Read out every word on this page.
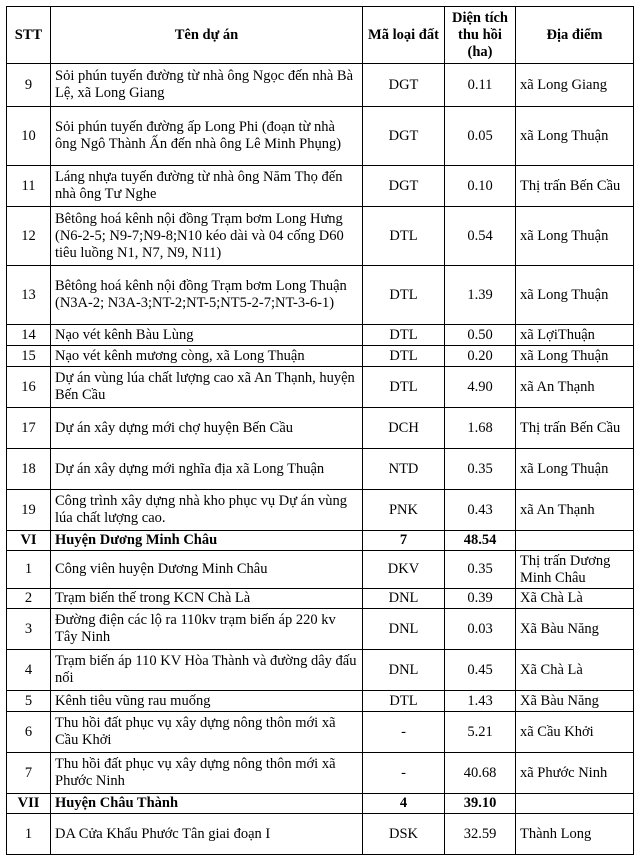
STT	Tên dự án	Mã loại đất	Diện tích thu hồi (ha)	Địa điểm
9	Sỏi phún tuyến đường từ nhà ông Ngọc đến nhà Bà Lệ, xã Long Giang	DGT	0.11	xã Long Giang
10	Sỏi phún tuyến đường ấp Long Phi (đoạn từ nhà ông Ngô Thành Ấn đến nhà ông Lê Minh Phụng)	DGT	0.05	xã Long Thuận
11	Láng nhựa tuyến đường từ nhà ông Năm Thọ đến nhà ông Tư Nghe	DGT	0.10	Thị trấn Bến Cầu
12	Bêtông hoá kênh nội đồng Trạm bơm Long Hưng (N6-2-5; N9-7;N9-8;N10 kéo dài và 04 cống D60 tiêu luồng N1, N7, N9, N11)	DTL	0.54	xã Long Thuận
13	Bêtông hoá kênh nội đồng Trạm bơm Long Thuận (N3A-2; N3A-3;NT-2;NT-5;NT5-2-7;NT-3-6-1)	DTL	1.39	xã Long Thuận
14	Nạo vét kênh Bàu Lùng	DTL	0.50	xã LợiThuận
15	Nạo vét kênh mương còng, xã Long Thuận	DTL	0.20	xã Long Thuận
16	Dự án vùng lúa chất lượng cao xã An Thạnh, huyện Bến Cầu	DTL	4.90	xã An Thạnh
17	Dự án xây dựng mới chợ huyện Bến Cầu	DCH	1.68	Thị trấn Bến Cầu
18	Dự án xây dựng mới nghĩa địa xã Long Thuận	NTD	0.35	xã Long Thuận
19	Công trình xây dựng nhà kho phục vụ Dự án vùng lúa chất lượng cao.	PNK	0.43	xã An Thạnh
VI	Huyện Dương Minh Châu	7	48.54	
1	Công viên huyện Dương Minh Châu	DKV	0.35	Thị trấn Dương Minh Châu
2	Trạm biến thế trong KCN Chà Là	DNL	0.39	Xã Chà Là
3	Đường điện các lộ ra 110kv trạm biến áp 220 kv Tây Ninh	DNL	0.03	Xã Bàu Năng
4	Trạm biến áp 110 KV Hòa Thành và đường dây đấu nối	DNL	0.45	Xã Chà Là
5	Kênh tiêu vũng rau muống	DTL	1.43	Xã Bàu Năng
6	Thu hồi đất phục vụ xây dựng nông thôn mới xã Cầu Khởi	-	5.21	xã Cầu Khởi
7	Thu hồi đất phục vụ xây dựng nông thôn mới xã Phước Ninh	-	40.68	xã Phước Ninh
VII	Huyện Châu Thành	4	39.10	
1	DA Cửa Khẩu Phước Tân giai đoạn I	DSK	32.59	Thành Long
